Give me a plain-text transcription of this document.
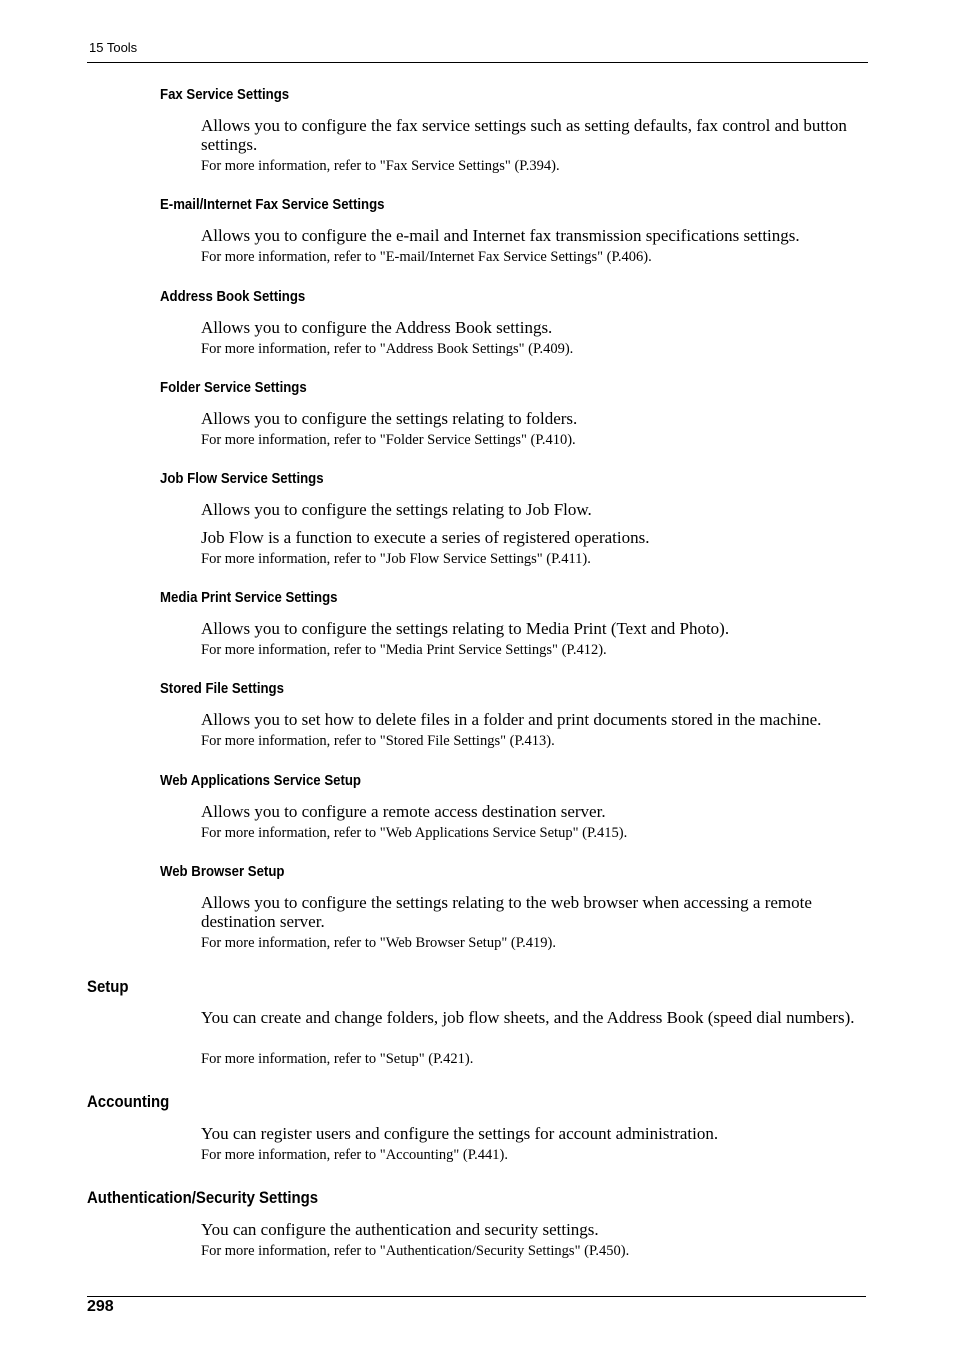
15 Tools
Fax Service Settings
Allows you to configure the fax service settings such as setting defaults, fax control and button settings.
For more information, refer to "Fax Service Settings" (P.394).
E-mail/Internet Fax Service Settings
Allows you to configure the e-mail and Internet fax transmission specifications settings.
For more information, refer to "E-mail/Internet Fax Service Settings" (P.406).
Address Book Settings
Allows you to configure the Address Book settings.
For more information, refer to "Address Book Settings" (P.409).
Folder Service Settings
Allows you to configure the settings relating to folders.
For more information, refer to "Folder Service Settings" (P.410).
Job Flow Service Settings
Allows you to configure the settings relating to Job Flow.
Job Flow is a function to execute a series of registered operations.
For more information, refer to "Job Flow Service Settings" (P.411).
Media Print Service Settings
Allows you to configure the settings relating to Media Print (Text and Photo).
For more information, refer to "Media Print Service Settings" (P.412).
Stored File Settings
Allows you to set how to delete files in a folder and print documents stored in the machine.
For more information, refer to "Stored File Settings" (P.413).
Web Applications Service Setup
Allows you to configure a remote access destination server.
For more information, refer to "Web Applications Service Setup" (P.415).
Web Browser Setup
Allows you to configure the settings relating to the web browser when accessing a remote destination server.
For more information, refer to "Web Browser Setup" (P.419).
Setup
You can create and change folders, job flow sheets, and the Address Book (speed dial numbers).
For more information, refer to "Setup" (P.421).
Accounting
You can register users and configure the settings for account administration.
For more information, refer to "Accounting" (P.441).
Authentication/Security Settings
You can configure the authentication and security settings.
For more information, refer to "Authentication/Security Settings" (P.450).
298
